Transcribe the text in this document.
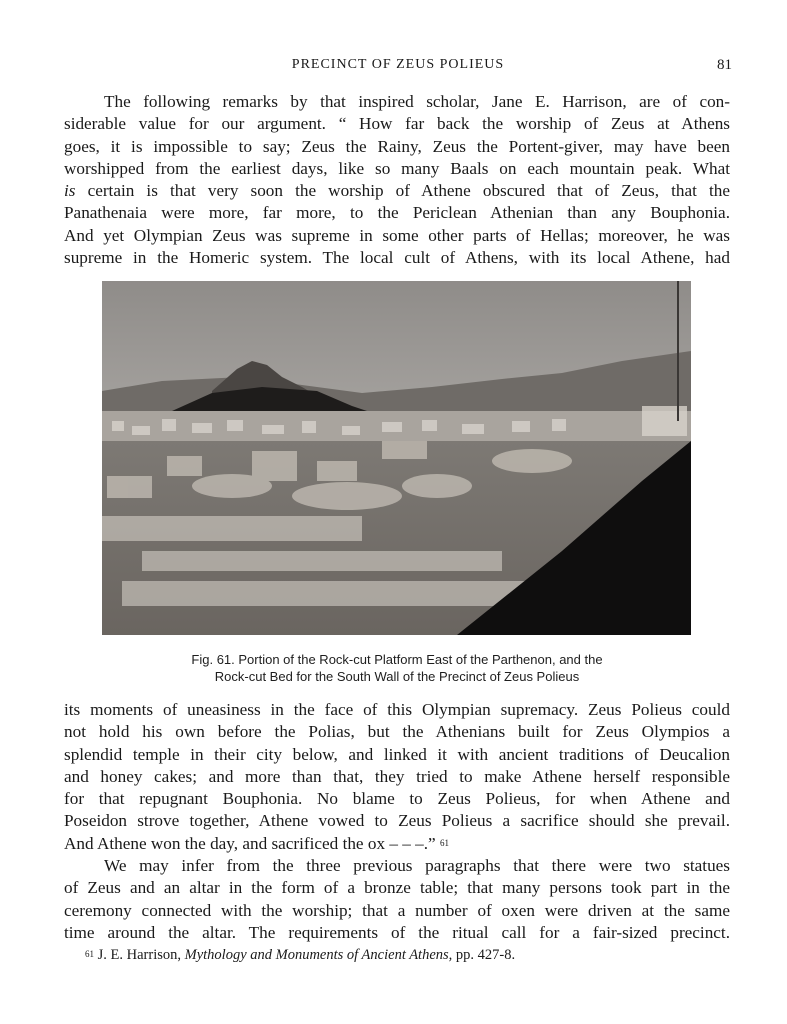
PRECINCT OF ZEUS POLIEUS	81
The following remarks by that inspired scholar, Jane E. Harrison, are of con-
siderable value for our argument. “ How far back the worship of Zeus at Athens
goes, it is impossible to say; Zeus the Rainy, Zeus the Portent-giver, may have been
worshipped from the earliest days, like so many Baals on each mountain peak. What
is certain is that very soon the worship of Athene obscured that of Zeus, that the
Panathenaia were more, far more, to the Periclean Athenian than any Bouphonia.
And yet Olympian Zeus was supreme in some other parts of Hellas; moreover, he was
supreme in the Homeric system. The local cult of Athens, with its local Athene, had
Fig. 61. Portion of the Rock-cut Platform East of the Parthenon, and the
Rock-cut Bed for the South Wall of the Precinct of Zeus Polieus
its moments of uneasiness in the face of this Olympian supremacy. Zeus Polieus could
not hold his own before the Polias, but the Athenians built for Zeus Olympios a
splendid temple in their city below, and linked it with ancient traditions of Deucalion
and honey cakes; and more than that, they tried to make Athene herself responsible
for that repugnant Bouphonia. No blame to Zeus Polieus, for when Athene and
Poseidon strove together, Athene vowed to Zeus Polieus a sacrifice should she prevail.
And Athene won the day, and sacrificed the ox – – –.” $^{61}$
We may infer from the three previous paragraphs that there were two statues
of Zeus and an altar in the form of a bronze table; that many persons took part in the
ceremony connected with the worship; that a number of oxen were driven at the same
time around the altar. The requirements of the ritual call for a fair-sized precinct.
$^{61}$ J. E. Harrison, Mythology and Monuments of Ancient Athens, pp. 427-8.
